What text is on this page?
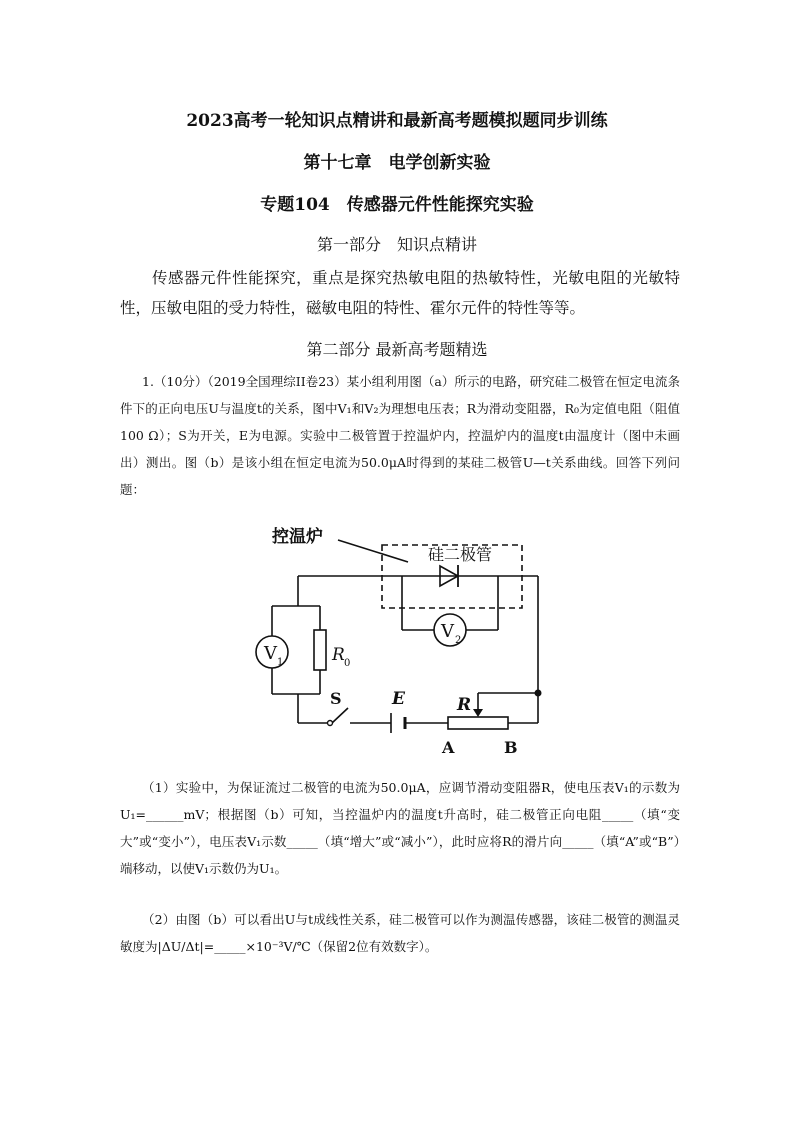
2023高考一轮知识点精讲和最新高考题模拟题同步训练
第十七章　电学创新实验
专题104　传感器元件性能探究实验
第一部分　知识点精讲
传感器元件性能探究，重点是探究热敏电阻的热敏特性，光敏电阻的光敏特性，压敏电阻的受力特性，磁敏电阻的特性、霍尔元件的特性等等。
第二部分 最新高考题精选
1.（10分）（2019全国理综II卷23）某小组利用图（a）所示的电路，研究硅二极管在恒定电流条件下的正向电压U与温度t的关系，图中V₁和V₂为理想电压表；R为滑动变阻器，R₀为定值电阻（阻值100 Ω）；S为开关，E为电源。实验中二极管置于控温炉内，控温炉内的温度t由温度计（图中未画出）测出。图（b）是该小组在恒定电流为50.0μA时得到的某硅二极管U—t关系曲线。回答下列问题：
控温炉
硅二极管
V 1
V 2
R 0
S	E	R
A	B
（1）实验中，为保证流过二极管的电流为50.0μA，应调节滑动变阻器R，使电压表V₁的示数为U₁=______mV；根据图（b）可知，当控温炉内的温度t升高时，硅二极管正向电阻_____（填“变大”或“变小”），电压表V₁示数_____（填“增大”或“减小”），此时应将R的滑片向_____（填“A”或“B”）端移动，以使V₁示数仍为U₁。
（2）由图（b）可以看出U与t成线性关系，硅二极管可以作为测温传感器，该硅二极管的测温灵敏度为|ΔU/Δt|=_____×10⁻³V/℃（保留2位有效数字）。
